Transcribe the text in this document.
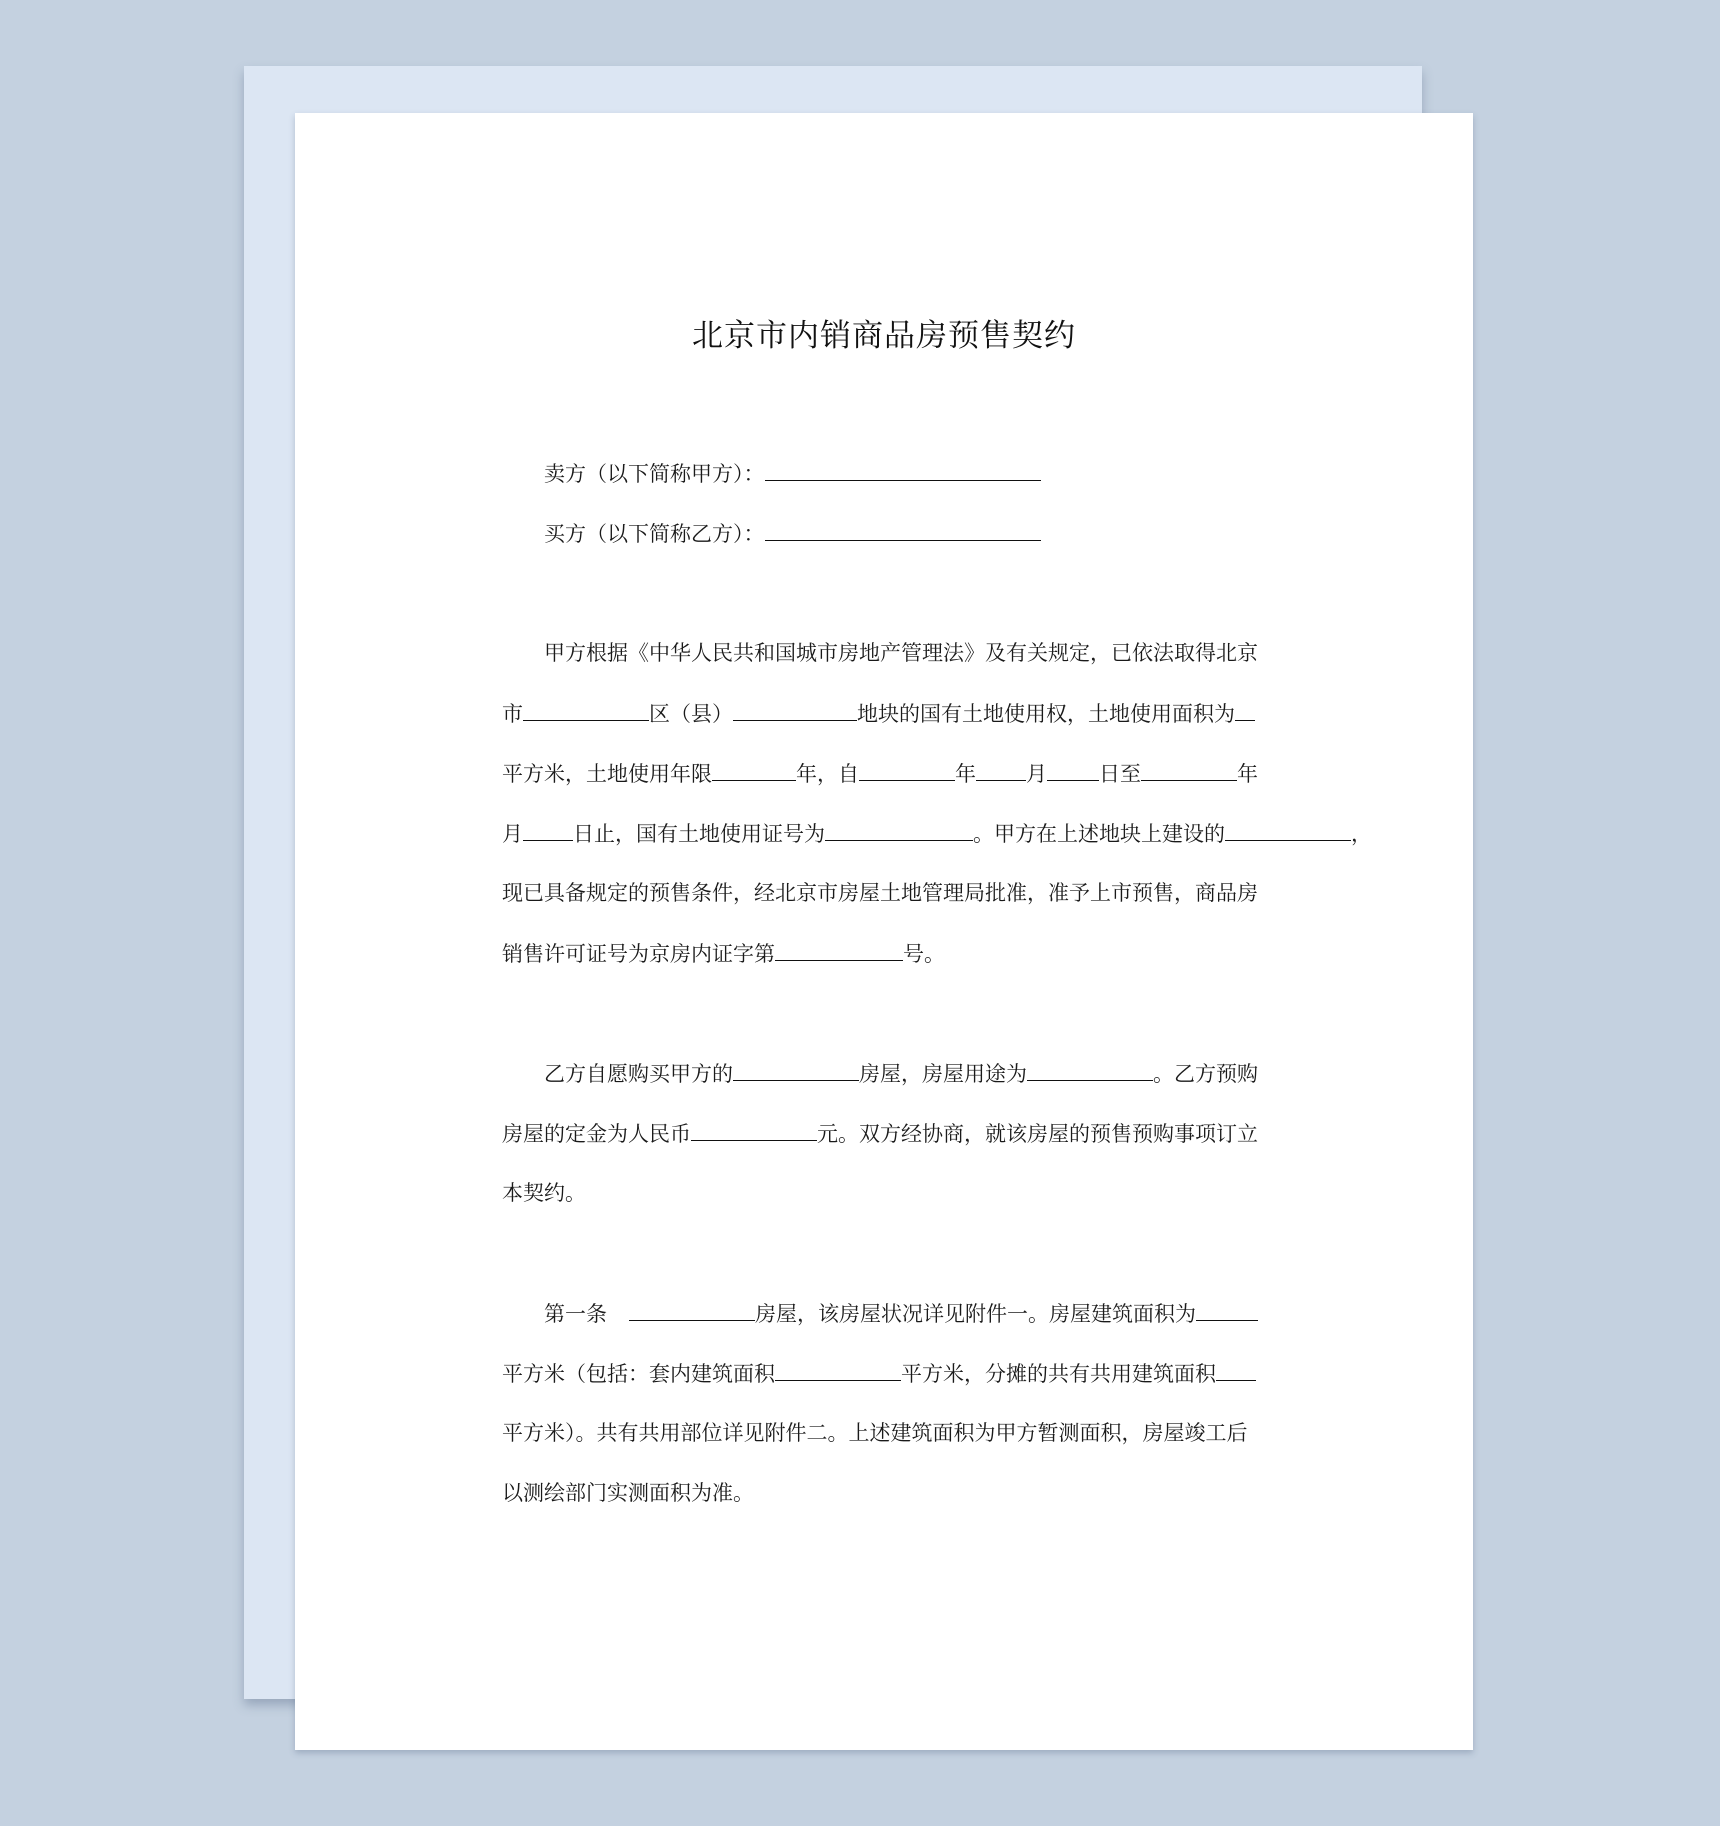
北京市内销商品房预售契约
卖方（以下简称甲方）：
买方（以下简称乙方）：
甲方根据《中华人民共和国城市房地产管理法》及有关规定，已依法取得北京
市	区（县）	地块的国有土地使用权，土地使用面积为
平方米，土地使用年限	年，自	年 月 日至	年
月 日止，国有土地使用证号为	。甲方在上述地块上建设的	，
现已具备规定的预售条件，经北京市房屋土地管理局批准，准予上市预售，商品房
销售许可证号为京房内证字第	号。
乙方自愿购买甲方的	房屋，房屋用途为	。乙方预购
房屋的定金为人民币	元。双方经协商，就该房屋的预售预购事项订立
本契约。
第一条	房屋，该房屋状况详见附件一。房屋建筑面积为
平方米（包括：套内建筑面积	平方米，分摊的共有共用建筑面积
平方米）。共有共用部位详见附件二。上述建筑面积为甲方暂测面积，房屋竣工后
以测绘部门实测面积为准。
